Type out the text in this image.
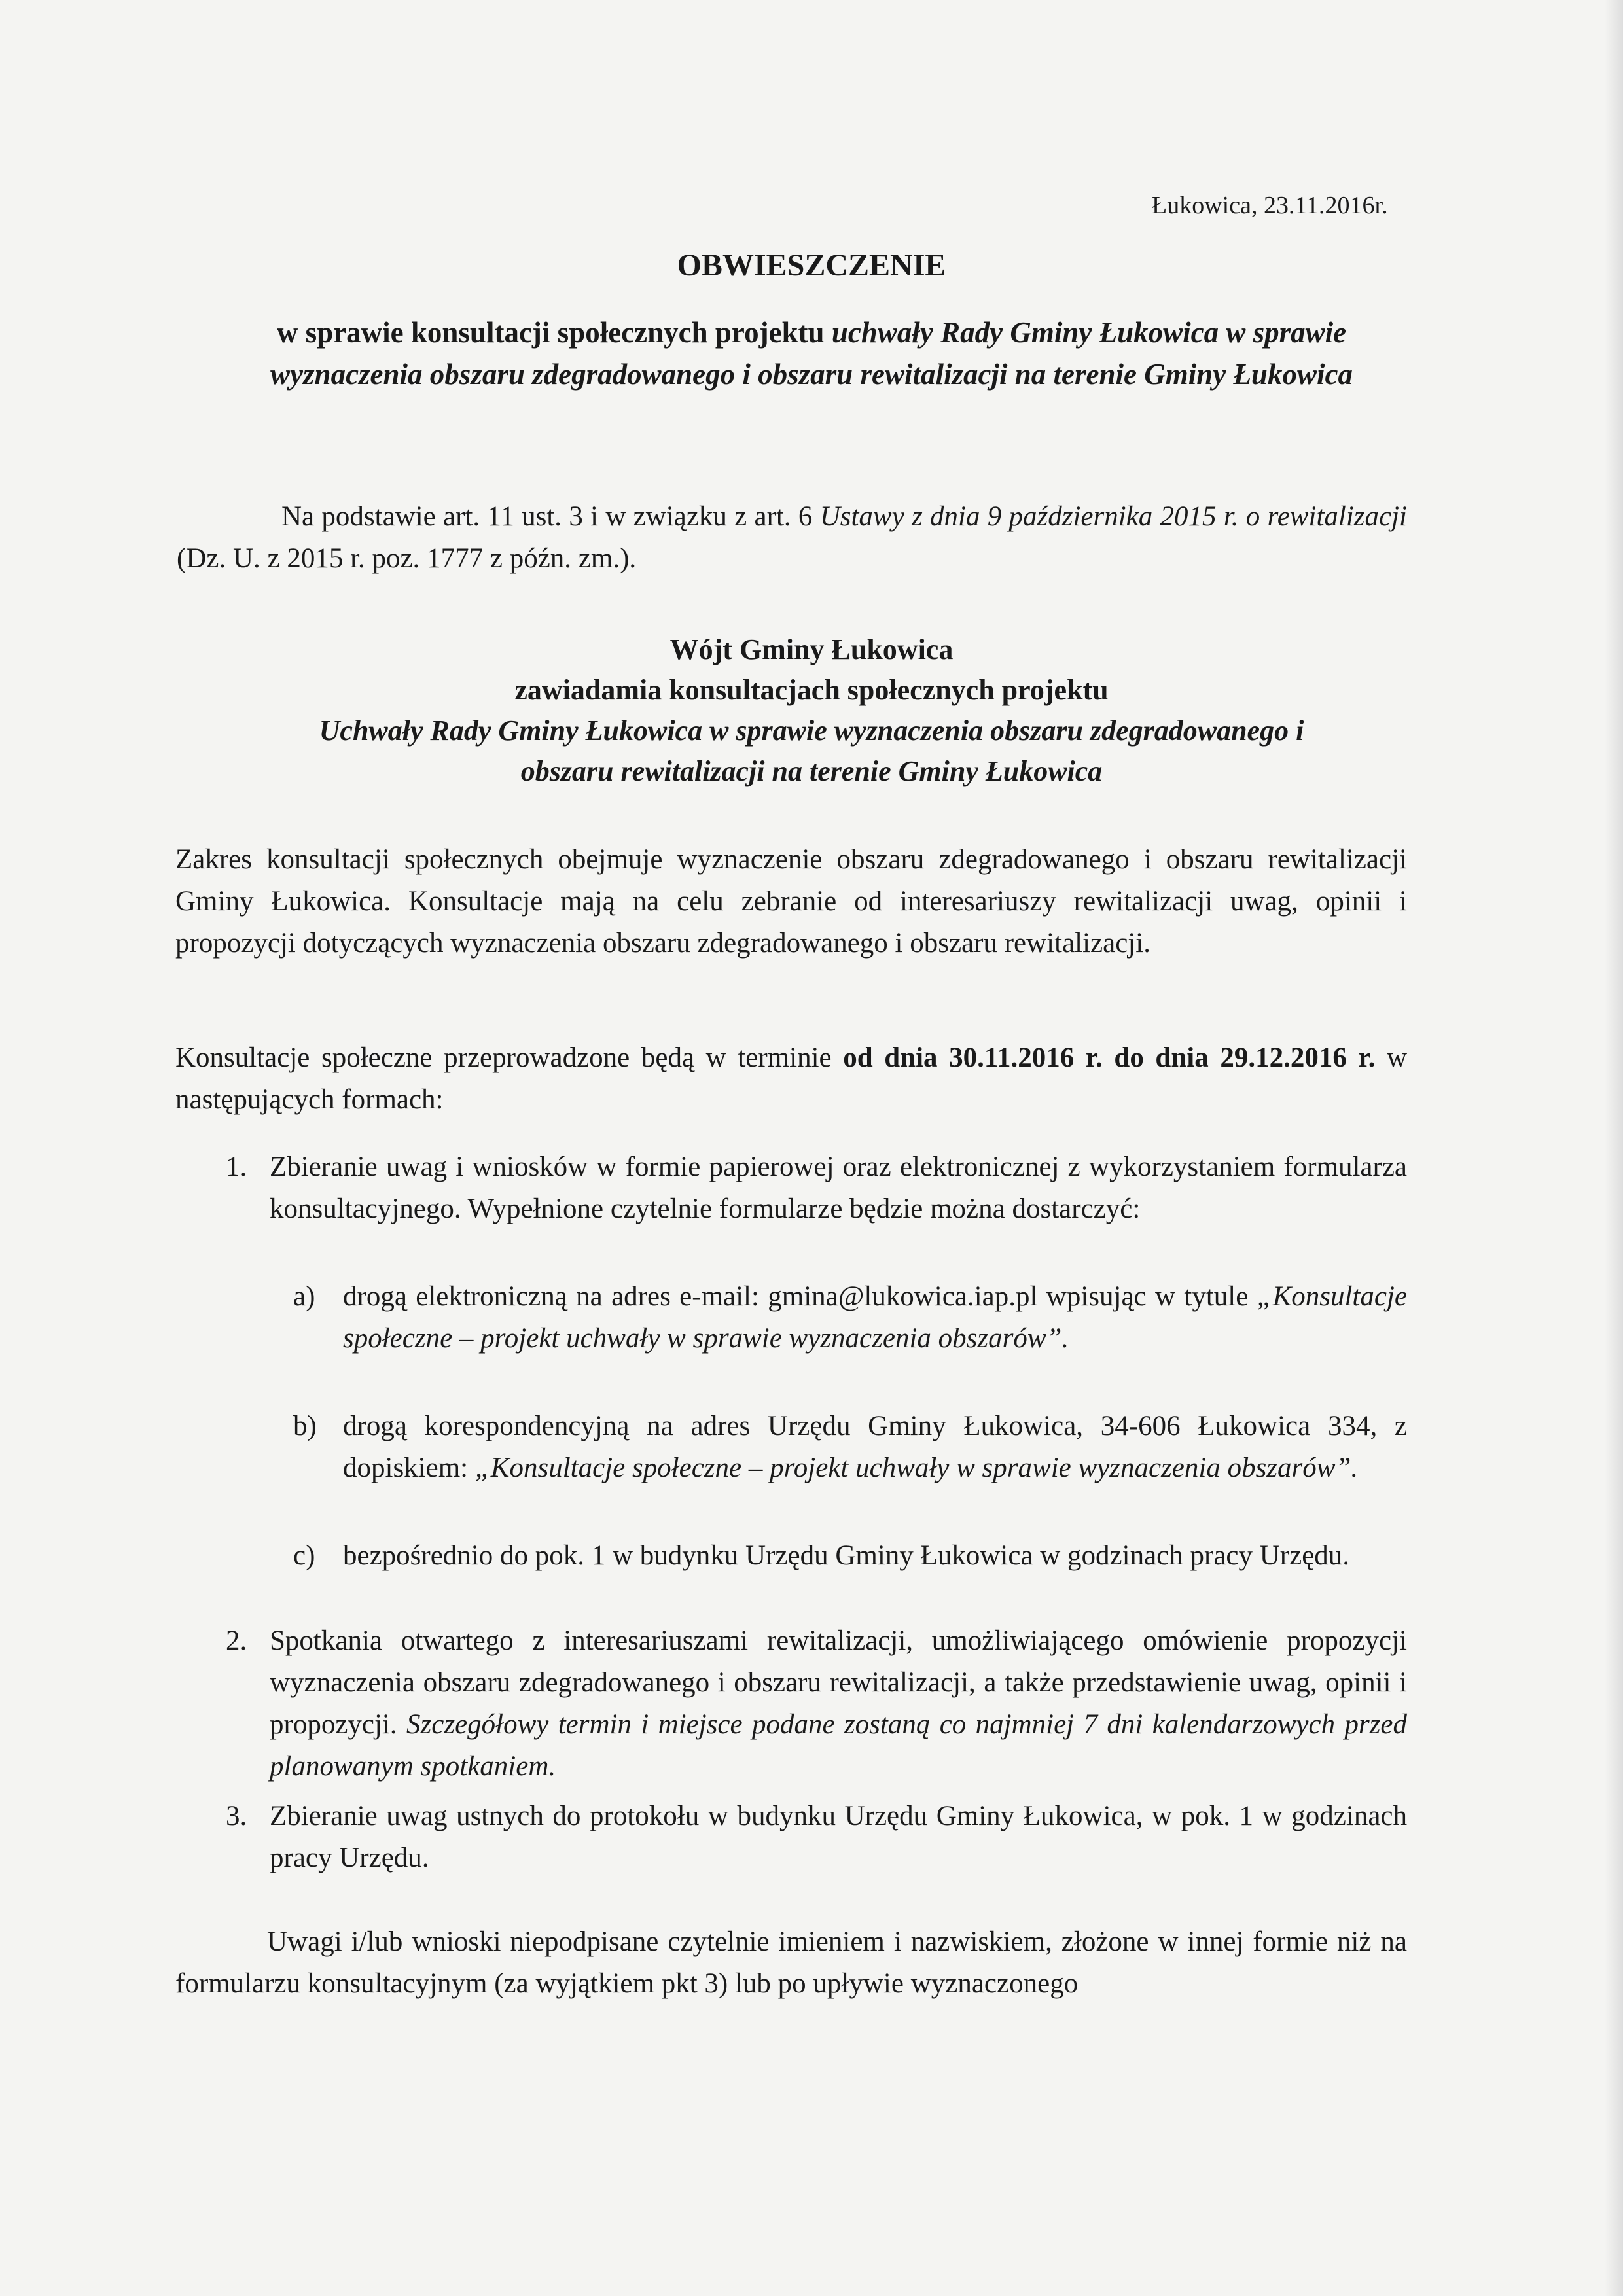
Łukowica, 23.11.2016r.
OBWIESZCZENIE
w sprawie konsultacji społecznych projektu uchwały Rady Gminy Łukowica w sprawie wyznaczenia obszaru zdegradowanego i obszaru rewitalizacji na terenie Gminy Łukowica
Na podstawie art. 11 ust. 3 i w związku z art. 6 Ustawy z dnia 9 października 2015 r. o rewitalizacji (Dz. U. z 2015 r. poz. 1777 z późn. zm.).
Wójt Gminy Łukowica
zawiadamia konsultacjach społecznych projektu
Uchwały Rady Gminy Łukowica w sprawie wyznaczenia obszaru zdegradowanego i obszaru rewitalizacji na terenie Gminy Łukowica
Zakres konsultacji społecznych obejmuje wyznaczenie obszaru zdegradowanego i obszaru rewitalizacji Gminy Łukowica. Konsultacje mają na celu zebranie od interesariuszy rewitalizacji uwag, opinii i propozycji dotyczących wyznaczenia obszaru zdegradowanego i obszaru rewitalizacji.
Konsultacje społeczne przeprowadzone będą w terminie od dnia 30.11.2016 r. do dnia 29.12.2016 r. w następujących formach:
1. Zbieranie uwag i wniosków w formie papierowej oraz elektronicznej z wykorzystaniem formularza konsultacyjnego. Wypełnione czytelnie formularze będzie można dostarczyć:
a) drogą elektroniczną na adres e-mail: gmina@lukowica.iap.pl wpisując w tytule „Konsultacje społeczne – projekt uchwały w sprawie wyznaczenia obszarów”.
b) drogą korespondencyjną na adres Urzędu Gminy Łukowica, 34-606 Łukowica 334, z dopiskiem: „Konsultacje społeczne – projekt uchwały w sprawie wyznaczenia obszarów”.
c) bezpośrednio do pok. 1 w budynku Urzędu Gminy Łukowica w godzinach pracy Urzędu.
2. Spotkania otwartego z interesariuszami rewitalizacji, umożliwiającego omówienie propozycji wyznaczenia obszaru zdegradowanego i obszaru rewitalizacji, a także przedstawienie uwag, opinii i propozycji. Szczegółowy termin i miejsce podane zostaną co najmniej 7 dni kalendarzowych przed planowanym spotkaniem.
3. Zbieranie uwag ustnych do protokołu w budynku Urzędu Gminy Łukowica, w pok. 1 w godzinach pracy Urzędu.
Uwagi i/lub wnioski niepodpisane czytelnie imieniem i nazwiskiem, złożone w innej formie niż na formularzu konsultacyjnym (za wyjątkiem pkt 3) lub po upływie wyznaczonego
